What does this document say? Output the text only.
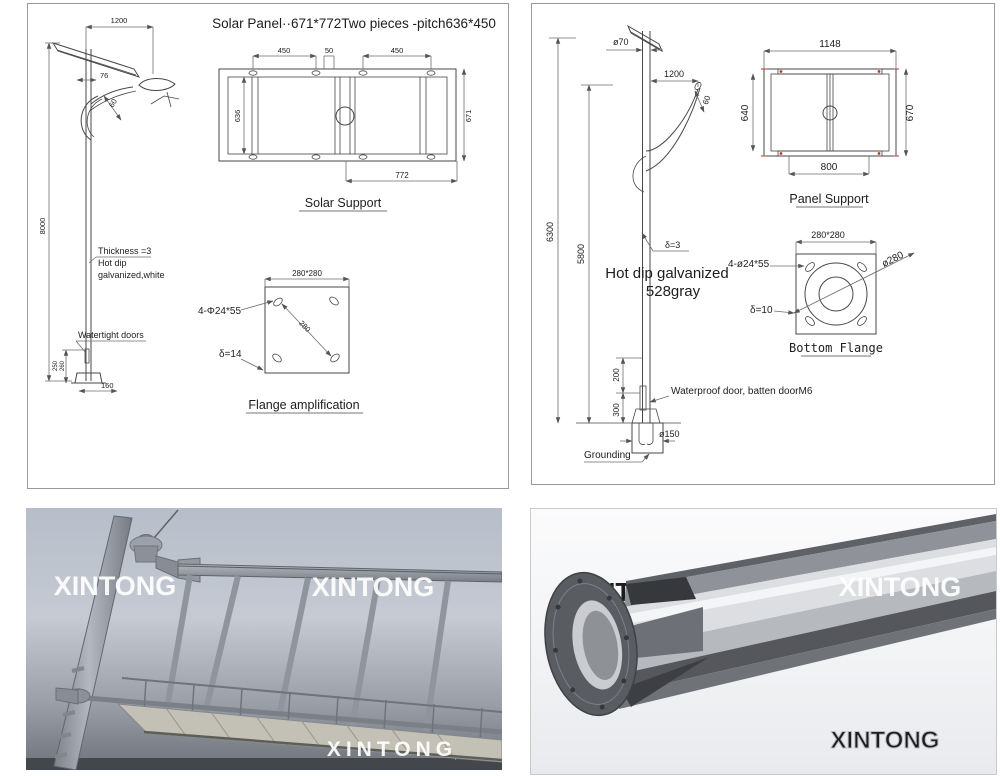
Solar Panel··671*772Two pieces -pitch636*450
1200
76
60
8000
Thickness =3
Hot dip
galvanized,white
Watertight doors
250 260
160
450	50	450
636	671
772
Solar Support
280*280
280
4-Φ24*55
δ=14
Flange amplification
ø70
1200
60
6300
5800	δ=3
Hot dip galvanized
528gray
200
300
ø150
Waterproof door, batten doorM6
Grounding
1148
640	670
800
Panel Support
280*280
ø280
4-ø24*55
δ=10
Bottom Flange
XINTONG	XINTONG
XINTONG
XINTONG
XINTONG
